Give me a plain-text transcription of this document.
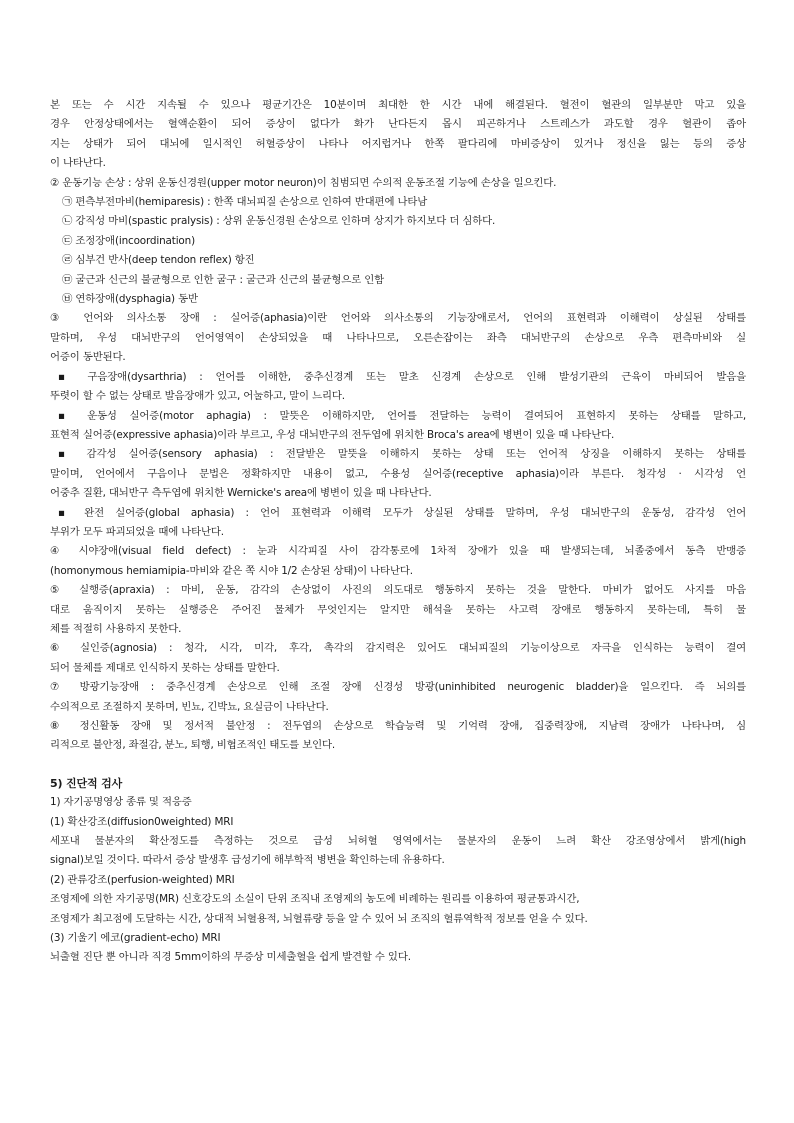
본 또는 수 시간 지속될 수 있으나 평균기간은 10분이며 최대한 한 시간 내에 해결된다. 혈전이 혈관의 일부분만 막고 있을
경우 안정상태에서는 혈액순환이 되어 증상이 없다가 화가 난다든지 몹시 피곤하거나 스트레스가 과도할 경우 혈관이 좁아
지는 상태가 되어 대뇌에 일시적인 허혈증상이 나타나 어지럽거나 한쪽 팔다리에 마비증상이 있거나 정신을 잃는 등의 증상
이 나타난다.
② 운동기능 손상 : 상위 운동신경원(upper motor neuron)이 침범되면 수의적 운동조절 기능에 손상을 일으킨다.
㉠ 편측부전마비(hemiparesis) : 한쪽 대뇌피질 손상으로 인하여 반대편에 나타남
㉡ 강직성 마비(spastic pralysis) : 상위 운동신경원 손상으로 인하며 상지가 하지보다 더 심하다.
㉢ 조정장애(incoordination)
㉣ 심부건 반사(deep tendon reflex) 항진
㉤ 굴근과 신근의 불균형으로 인한 굴구 : 굴근과 신근의 불균형으로 인함
㉥ 연하장애(dysphagia) 동반
③ 언어와 의사소통 장애 : 실어증(aphasia)이란 언어와 의사소통의 기능장애로서, 언어의 표현력과 이해력이 상실된 상태를
말하며, 우성 대뇌반구의 언어영역이 손상되었을 때 나타나므로, 오른손잡이는 좌측 대뇌반구의 손상으로 우측 편측마비와 실
어증이 동반된다.
▪ 구음장애(dysarthria) : 언어를 이해한, 중추신경계 또는 말초 신경계 손상으로 인해 발성기관의 근육이 마비되어 발음을
뚜렷이 할 수 없는 상태로 발음장애가 있고, 어눌하고, 말이 느리다.
▪ 운동성 실어증(motor aphagia) : 말뜻은 이해하지만, 언어를 전달하는 능력이 결여되어 표현하지 못하는 상태를 말하고,
표현적 실어증(expressive aphasia)이라 부르고, 우성 대뇌반구의 전두엽에 위치한 Broca's area에 병변이 있을 때 나타난다.
▪ 감각성 실어증(sensory aphasia) : 전달받은 말뜻을 이해하지 못하는 상태 또는 언어적 상징을 이해하지 못하는 상태를
말이며, 언어에서 구음이나 문법은 정확하지만 내용이 없고, 수용성 실어증(receptive aphasia)이라 부른다. 청각성 · 시각성 언
어중추 질환, 대뇌반구 측두엽에 위치한 Wernicke's area에 병변이 있을 때 나타난다.
▪ 완전 실어증(global aphasia) : 언어 표현력과 이해력 모두가 상실된 상태를 말하며, 우성 대뇌반구의 운동성, 감각성 언어
부위가 모두 파괴되었을 때에 나타난다.
④ 시야장애(visual field defect) : 눈과 시각피질 사이 감각통로에 1차적 장애가 있을 때 발생되는데, 뇌졸중에서 동측 반맹증
(homonymous hemiamipia-마비와 같은 쪽 시야 1/2 손상된 상태)이 나타난다.
⑤ 실행증(apraxia) : 마비, 운동, 감각의 손상없이 사진의 의도대로 행동하지 못하는 것을 말한다. 마비가 없어도 사지를 마음
대로 움직이지 못하는 실행증은 주어진 물체가 무엇인지는 알지만 해석을 못하는 사고력 장애로 행동하지 못하는데, 특히 물
체를 적절히 사용하지 못한다.
⑥ 실인증(agnosia) : 청각, 시각, 미각, 후각, 촉각의 감지력은 있어도 대뇌피질의 기능이상으로 자극을 인식하는 능력이 결여
되어 물체를 제대로 인식하지 못하는 상태를 말한다.
⑦ 방광기능장애 : 중추신경계 손상으로 인해 조절 장애 신경성 방광(uninhibited neurogenic bladder)을 일으킨다. 즉 뇌의를
수의적으로 조절하지 못하며, 빈뇨, 긴박뇨, 요실금이 나타난다.
⑧ 정신활동 장애 및 정서적 불안정 : 전두엽의 손상으로 학습능력 및 기억력 장애, 집중력장애, 지남력 장애가 나타나며, 심
리적으로 불안정, 좌절감, 분노, 퇴행, 비협조적인 태도를 보인다.
5) 진단적 검사
1) 자기공명영상 종류 및 적응증
(1) 확산강조(diffusion0weighted) MRI
세포내 물분자의 확산정도를 측정하는 것으로 급성 뇌허혈 영역에서는 물분자의 운동이 느려 확산 강조영상에서 밝게(high
signal)보일 것이다. 따라서 증상 발생후 급성기에 해부학적 병변을 확인하는데 유용하다.
(2) 관류강조(perfusion-weighted) MRI
조영제에 의한 자기공명(MR) 신호강도의 소실이 단위 조직내 조영제의 농도에 비례하는 원리를 이용하여 평균통과시간,
조영제가 최고점에 도달하는 시간, 상대적 뇌혈용적, 뇌혈류량 등을 알 수 있어 뇌 조직의 혈류역학적 정보를 얻을 수 있다.
(3) 기울기 에코(gradient-echo) MRI
뇌출혈 진단 뿐 아니라 직경 5mm이하의 무증상 미세출혈을 쉽게 발견할 수 있다.
